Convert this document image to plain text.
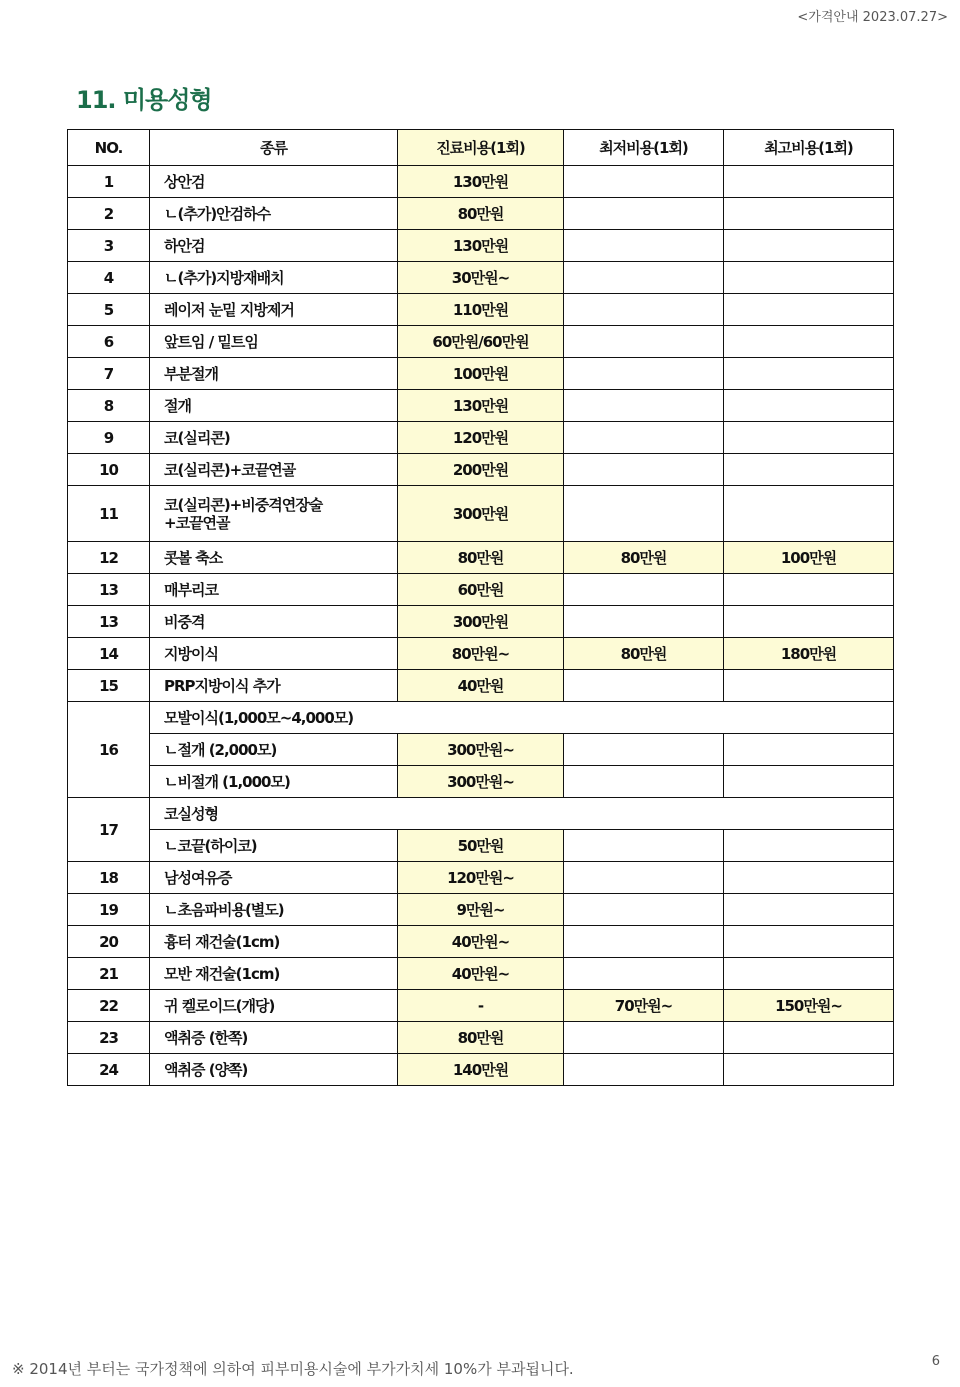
<가격안내 2023.07.27>
11. 미용성형
NO.	종류	진료비용(1회)	최저비용(1회)	최고비용(1회)
1	상안검	130만원		
2	ㄴ(추가)안검하수	80만원		
3	하안검	130만원		
4	ㄴ(추가)지방재배치	30만원~		
5	레이저 눈밑 지방제거	110만원		
6	앞트임 / 밑트임	60만원/60만원		
7	부분절개	100만원		
8	절개	130만원		
9	코(실리콘)	120만원		
10	코(실리콘)+코끝연골	200만원		
11	코(실리콘)+비중격연장술
+코끝연골	300만원		
12	콧볼 축소	80만원	80만원	100만원
13	매부리코	60만원		
13	비중격	300만원		
14	지방이식	80만원~	80만원	180만원
15	PRP지방이식 추가	40만원		
16	모발이식(1,000모~4,000모)			
	ㄴ절개 (2,000모)	300만원~		
	ㄴ비절개 (1,000모)	300만원~		
17	코실성형			
	ㄴ코끝(하이코)	50만원		
18	남성여유증	120만원~		
19	ㄴ초음파비용(별도)	9만원~		
20	흉터 재건술(1cm)	40만원~		
21	모반 재건술(1cm)	40만원~		
22	귀 켈로이드(개당)	-	70만원~	150만원~
23	액취증 (한쪽)	80만원		
24	액취증 (양쪽)	140만원		
※ 2014년 부터는 국가정책에 의하여 피부미용시술에 부가가치세 10%가 부과됩니다.	6
